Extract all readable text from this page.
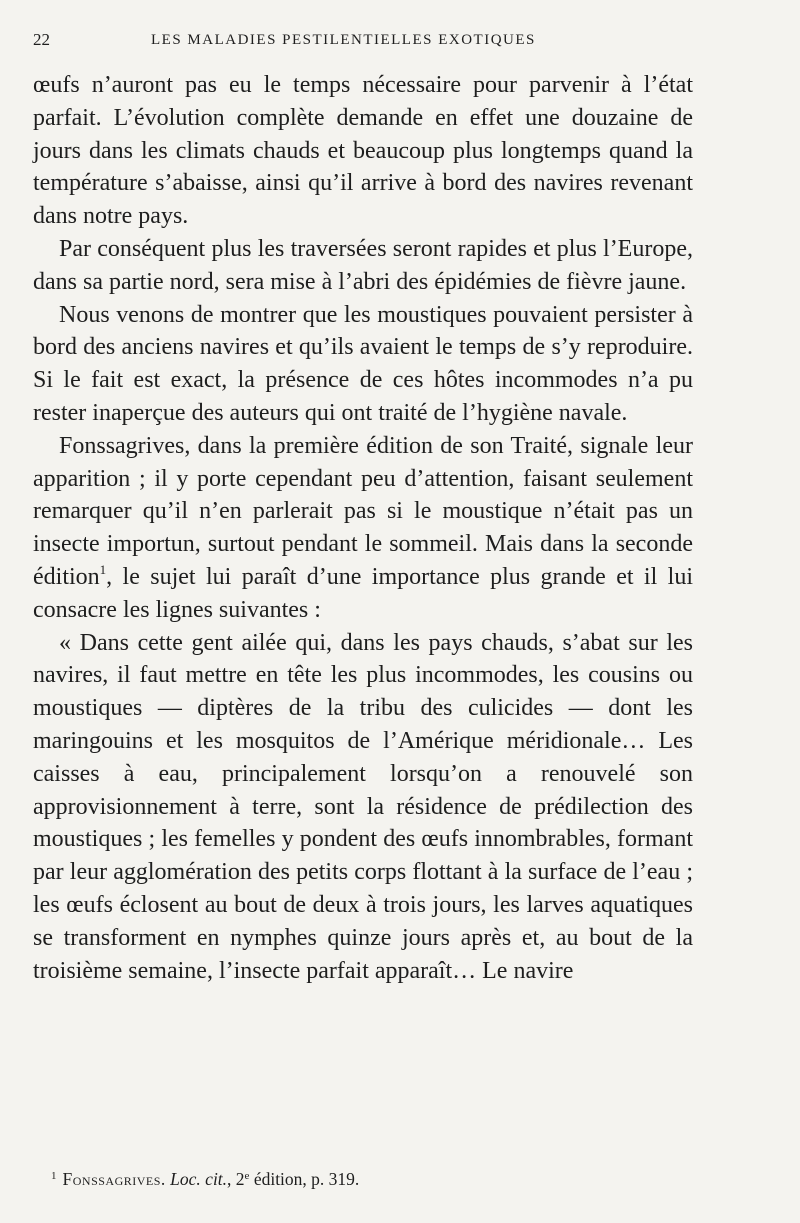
22	LES MALADIES PESTILENTIELLES EXOTIQUES

œufs n’auront pas eu le temps nécessaire pour parvenir à l’état parfait. L’évolution complète demande en effet une douzaine de jours dans les climats chauds et beaucoup plus longtemps quand la température s’abaisse, ainsi qu’il arrive à bord des navires revenant dans notre pays.

Par conséquent plus les traversées seront rapides et plus l’Europe, dans sa partie nord, sera mise à l’abri des épidémies de fièvre jaune.

Nous venons de montrer que les moustiques pouvaient persister à bord des anciens navires et qu’ils avaient le temps de s’y reproduire. Si le fait est exact, la présence de ces hôtes incommodes n’a pu rester inaperçue des auteurs qui ont traité de l’hygiène navale.

Fonssagrives, dans la première édition de son Traité, signale leur apparition ; il y porte cependant peu d’attention, faisant seulement remarquer qu’il n’en parlerait pas si le moustique n’était pas un insecte importun, surtout pendant le sommeil. Mais dans la seconde édition$^1$, le sujet lui paraît d’une importance plus grande et il lui consacre les lignes suivantes :

« Dans cette gent ailée qui, dans les pays chauds, s’abat sur les navires, il faut mettre en tête les plus incommodes, les cousins ou moustiques — diptères de la tribu des culicides — dont les maringouins et les mosquitos de l’Amérique méridionale… Les caisses à eau, principalement lorsqu’on a renouvelé son approvisionnement à terre, sont la résidence de prédilection des moustiques ; les femelles y pondent des œufs innombrables, formant par leur agglomération des petits corps flottant à la surface de l’eau ; les œufs éclosent au bout de deux à trois jours, les larves aquatiques se transforment en nymphes quinze jours après et, au bout de la troisième semaine, l’insecte parfait apparaît… Le navire

$^1$ Fonssagrives. Loc. cit., 2e édition, p. 319.
